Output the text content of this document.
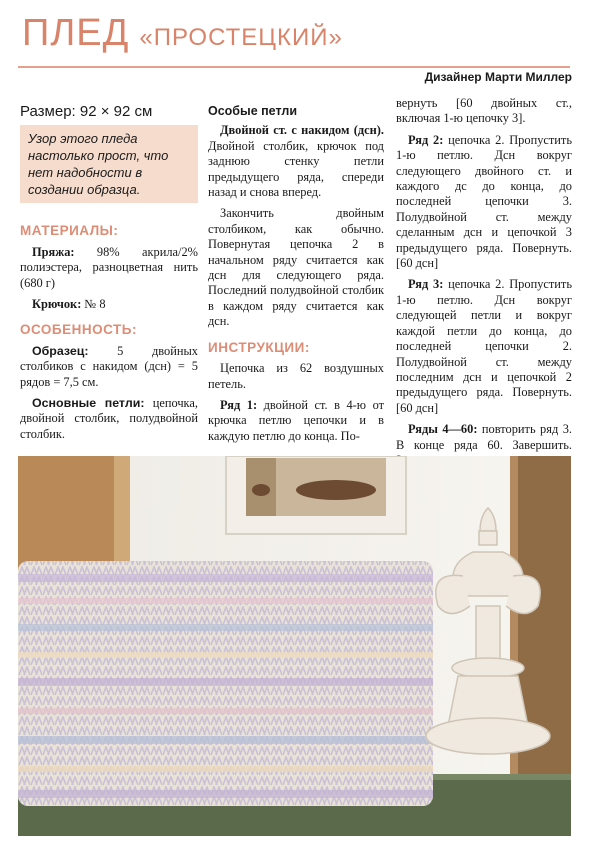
ПЛЕД «ПРОСТЕЦКИЙ»
Дизайнер Марти Миллер

Размер: 92 × 92 см

Узор этого пледа настолько прост, что нет надобности в создании образца.
МАТЕРИАЛЫ:

Пряжа: 98% акрила/2% полиэстера, разноцветная нить (680 г)

Крючок: № 8

ОСОБЕННОСТЬ:

Образец: 5 двойных столбиков с накидом (дсн) = 5 рядов = 7,5 см.

Основные петли: цепочка, двойной столбик, полудвойной столбик.

Особые петли

Двойной ст. с накидом (дсн). Двойной столбик, крючок под заднюю стенку петли предыдущего ряда, спереди назад и снова вперед.

Закончить двойным столбиком, как обычно. Повернутая цепочка 2 в начальном ряду считается как дсн для следующего ряда. Последний полудвойной столбик в каждом ряду считается как дсн.

ИНСТРУКЦИИ:

Цепочка из 62 воздушных петель.

Ряд 1: двойной ст. в 4-ю от крючка петлю цепочки и в каждую петлю до конца. По-

вернуть [60 двойных ст., включая 1-ю цепочку 3].

Ряд 2: цепочка 2. Пропустить 1-ю петлю. Дсн вокруг следующего двойного ст. и каждого дс до конца, до последней цепочки 3. Полудвойной ст. между сделанным дсн и цепочкой 3 предыдущего ряда. Повернуть. [60 дсн]

Ряд 3: цепочка 2. Пропустить 1-ю петлю. Дсн вокруг следующей петли и вокруг каждой петли до конца, до последней цепочки 2. Полудвойной ст. между последним дсн и цепочкой 2 предыдущего ряда. Повернуть. [60 дсн]

Ряды 4—60: повторить ряд 3. В конце ряда 60. Завершить.
